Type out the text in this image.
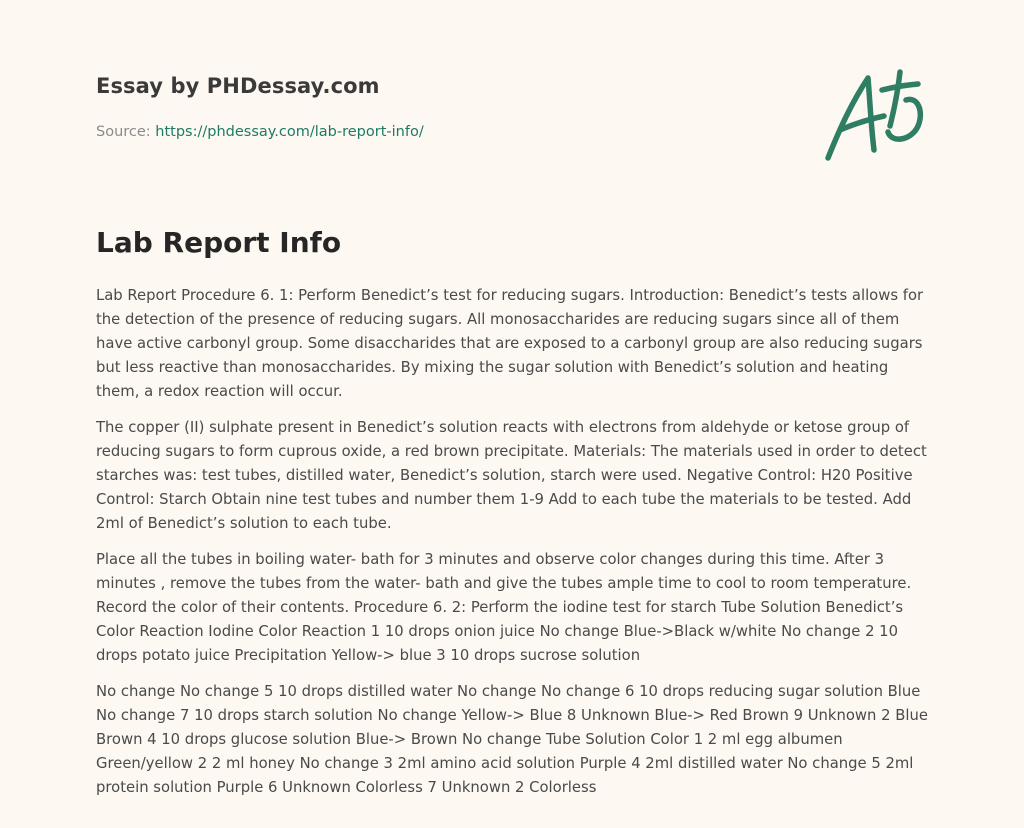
Essay by PHDessay.com
Source: https://phdessay.com/lab-report-info/
Lab Report Info

Lab Report Procedure 6. 1: Perform Benedict’s test for reducing sugars. Introduction: Benedict’s tests allows for the detection of the presence of reducing sugars. All monosaccharides are reducing sugars since all of them have active carbonyl group. Some disaccharides that are exposed to a carbonyl group are also reducing sugars but less reactive than monosaccharides. By mixing the sugar solution with Benedict’s solution and heating them, a redox reaction will occur.

The copper (II) sulphate present in Benedict’s solution reacts with electrons from aldehyde or ketose group of reducing sugars to form cuprous oxide, a red brown precipitate. Materials: The materials used in order to detect starches was: test tubes, distilled water, Benedict’s solution, starch were used. Negative Control: H20 Positive Control: Starch Obtain nine test tubes and number them 1-9 Add to each tube the materials to be tested. Add 2ml of Benedict’s solution to each tube.

Place all the tubes in boiling water- bath for 3 minutes and observe color changes during this time. After 3 minutes , remove the tubes from the water- bath and give the tubes ample time to cool to room temperature. Record the color of their contents. Procedure 6. 2: Perform the iodine test for starch Tube Solution Benedict’s Color Reaction Iodine Color Reaction 1 10 drops onion juice No change Blue->Black w/white No change 2 10 drops potato juice Precipitation Yellow-> blue 3 10 drops sucrose solution

No change No change 5 10 drops distilled water No change No change 6 10 drops reducing sugar solution Blue No change 7 10 drops starch solution No change Yellow-> Blue 8 Unknown Blue-> Red Brown 9 Unknown 2 Blue Brown 4 10 drops glucose solution Blue-> Brown No change Tube Solution Color 1 2 ml egg albumen Green/yellow 2 2 ml honey No change 3 2ml amino acid solution Purple 4 2ml distilled water No change 5 2ml protein solution Purple 6 Unknown Colorless 7 Unknown 2 Colorless
